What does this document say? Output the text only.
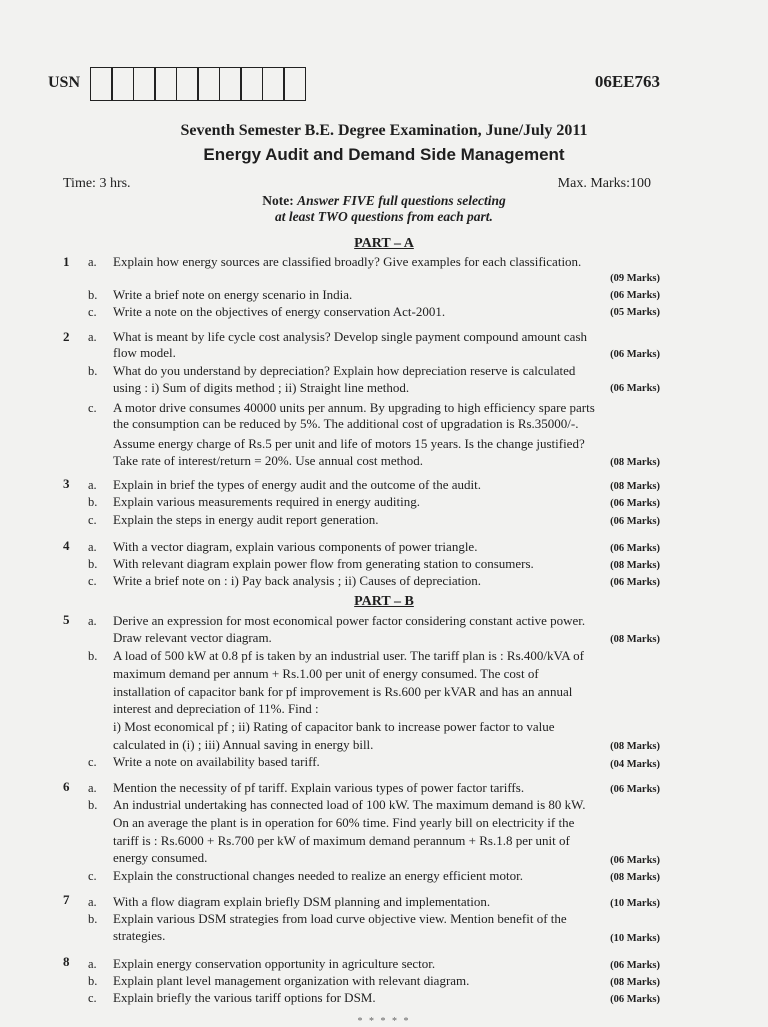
USN	06EE763
Seventh Semester B.E. Degree Examination, June/July 2011
Energy Audit and Demand Side Management
Time: 3 hrs.	Max. Marks:100
Note: Answer FIVE full questions selecting
at least TWO questions from each part.
PART – A
1 a. Explain how energy sources are classified broadly? Give examples for each classification.
(09 Marks)
b. Write a brief note on energy scenario in India.	(06 Marks)
c. Write a note on the objectives of energy conservation Act-2001.	(05 Marks)
2 a. What is meant by life cycle cost analysis? Develop single payment compound amount cash
flow model.	(06 Marks)
b. What do you understand by depreciation? Explain how depreciation reserve is calculated
using : i) Sum of digits method ; ii) Straight line method.	(06 Marks)
c. A motor drive consumes 40000 units per annum. By upgrading to high efficiency spare parts
the consumption can be reduced by 5%. The additional cost of upgradation is Rs.35000/-.
Assume energy charge of Rs.5 per unit and life of motors 15 years. Is the change justified?
Take rate of interest/return = 20%. Use annual cost method.	(08 Marks)
3 a. Explain in brief the types of energy audit and the outcome of the audit.	(08 Marks)
b. Explain various measurements required in energy auditing.	(06 Marks)
c. Explain the steps in energy audit report generation.	(06 Marks)
4 a. With a vector diagram, explain various components of power triangle.	(06 Marks)
b. With relevant diagram explain power flow from generating station to consumers.	(08 Marks)
c. Write a brief note on : i) Pay back analysis ; ii) Causes of depreciation.	(06 Marks)
PART – B
5 a. Derive an expression for most economical power factor considering constant active power.
Draw relevant vector diagram.	(08 Marks)
b. A load of 500 kW at 0.8 pf is taken by an industrial user. The tariff plan is : Rs.400/kVA of
maximum demand per annum + Rs.1.00 per unit of energy consumed. The cost of
installation of capacitor bank for pf improvement is Rs.600 per kVAR and has an annual
interest and depreciation of 11%. Find :
i) Most economical pf ; ii) Rating of capacitor bank to increase power factor to value
calculated in (i) ; iii) Annual saving in energy bill.	(08 Marks)
c. Write a note on availability based tariff.	(04 Marks)
6 a. Mention the necessity of pf tariff. Explain various types of power factor tariffs.	(06 Marks)
b. An industrial undertaking has connected load of 100 kW. The maximum demand is 80 kW.
On an average the plant is in operation for 60% time. Find yearly bill on electricity if the
tariff is : Rs.6000 + Rs.700 per kW of maximum demand perannum + Rs.1.8 per unit of
energy consumed.	(06 Marks)
c. Explain the constructional changes needed to realize an energy efficient motor.	(08 Marks)
7 a. With a flow diagram explain briefly DSM planning and implementation.	(10 Marks)
b. Explain various DSM strategies from load curve objective view. Mention benefit of the
strategies.	(10 Marks)
8 a. Explain energy conservation opportunity in agriculture sector.	(06 Marks)
b. Explain plant level management organization with relevant diagram.	(08 Marks)
c. Explain briefly the various tariff options for DSM.	(06 Marks)
* * * * *
